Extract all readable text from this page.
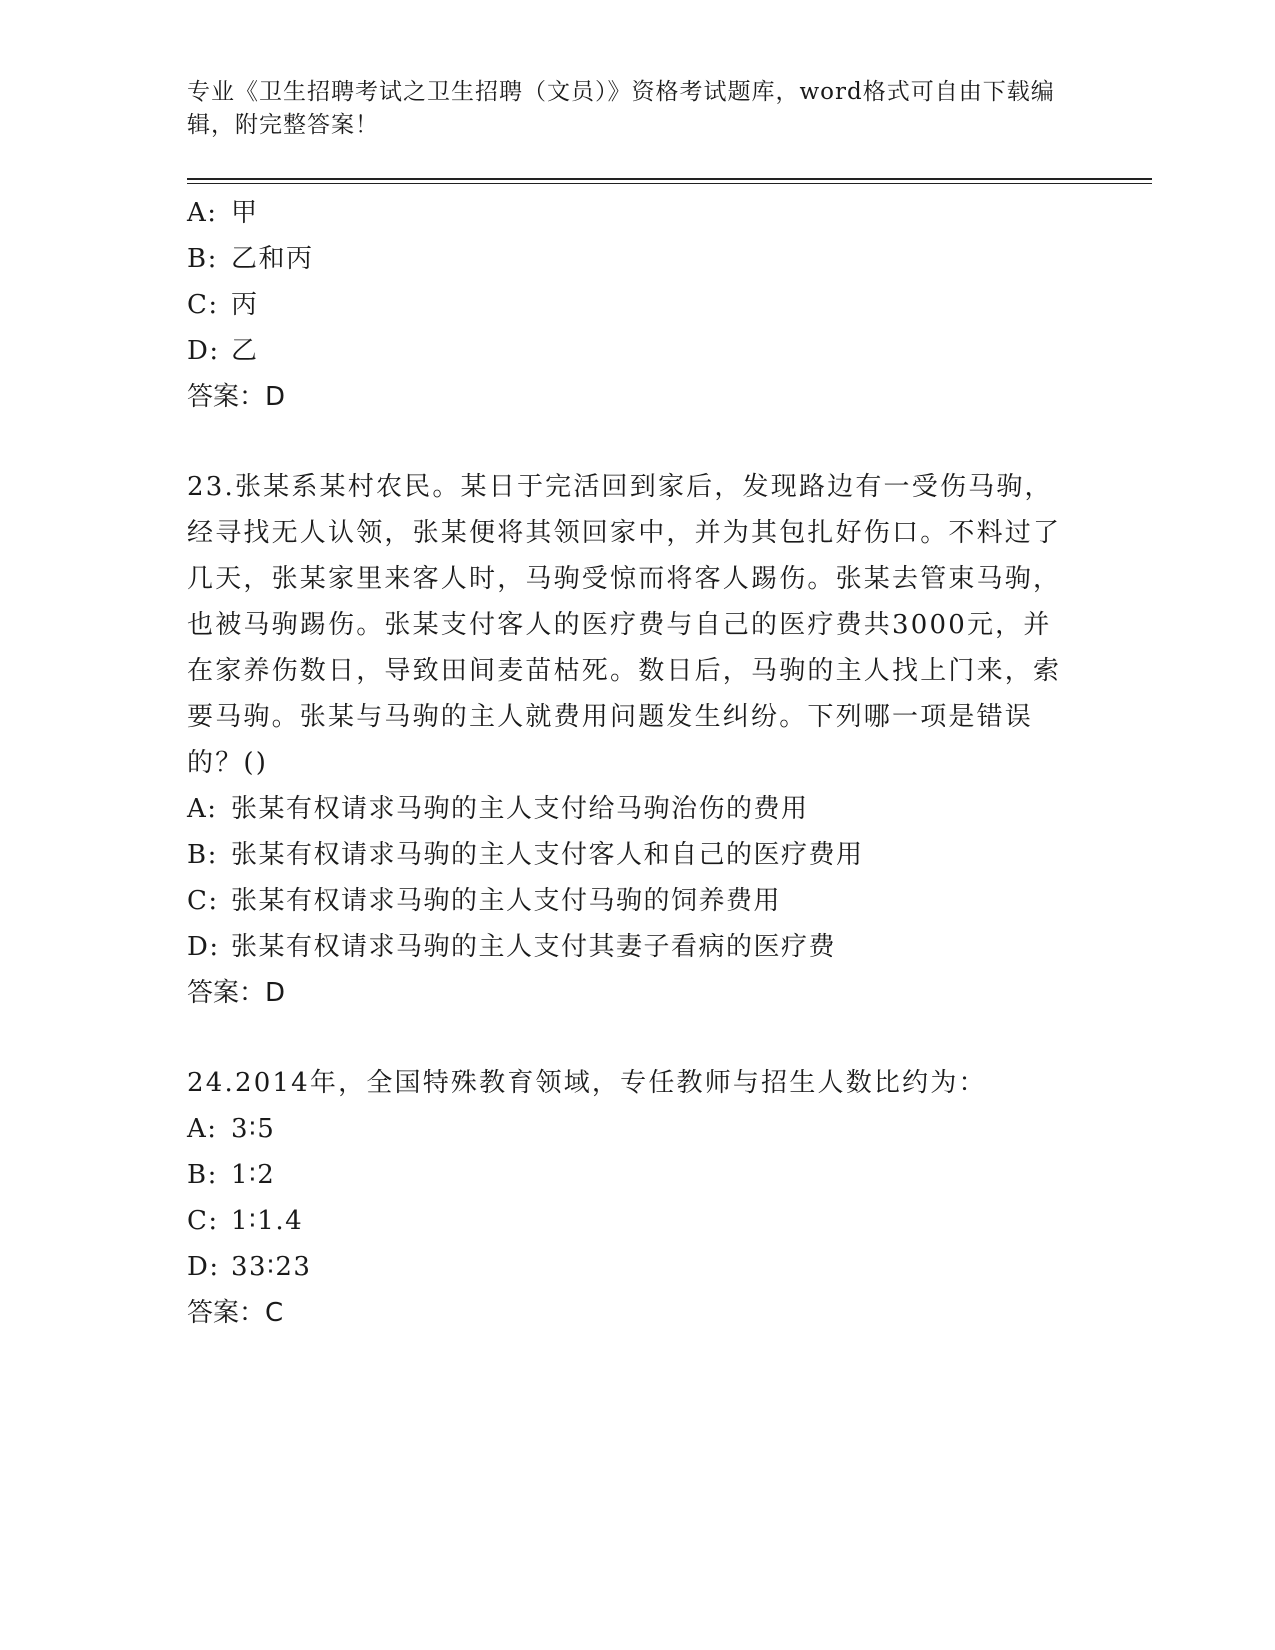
专业《卫生招聘考试之卫生招聘（文员）》资格考试题库，word格式可自由下载编辑，附完整答案！
A: 甲
B: 乙和丙
C: 丙
D: 乙
答案：D
23.张某系某村农民。某日于完活回到家后，发现路边有一受伤马驹，经寻找无人认领，张某便将其领回家中，并为其包扎好伤口。不料过了几天，张某家里来客人时，马驹受惊而将客人踢伤。张某去管束马驹，也被马驹踢伤。张某支付客人的医疗费与自己的医疗费共3000元，并在家养伤数日，导致田间麦苗枯死。数日后，马驹的主人找上门来，索要马驹。张某与马驹的主人就费用问题发生纠纷。下列哪一项是错误的？()
A: 张某有权请求马驹的主人支付给马驹治伤的费用
B: 张某有权请求马驹的主人支付客人和自己的医疗费用
C: 张某有权请求马驹的主人支付马驹的饲养费用
D: 张某有权请求马驹的主人支付其妻子看病的医疗费
答案：D
24.2014年，全国特殊教育领域，专任教师与招生人数比约为：
A: 3∶5
B: 1∶2
C: 1∶1.4
D: 33∶23
答案：C
